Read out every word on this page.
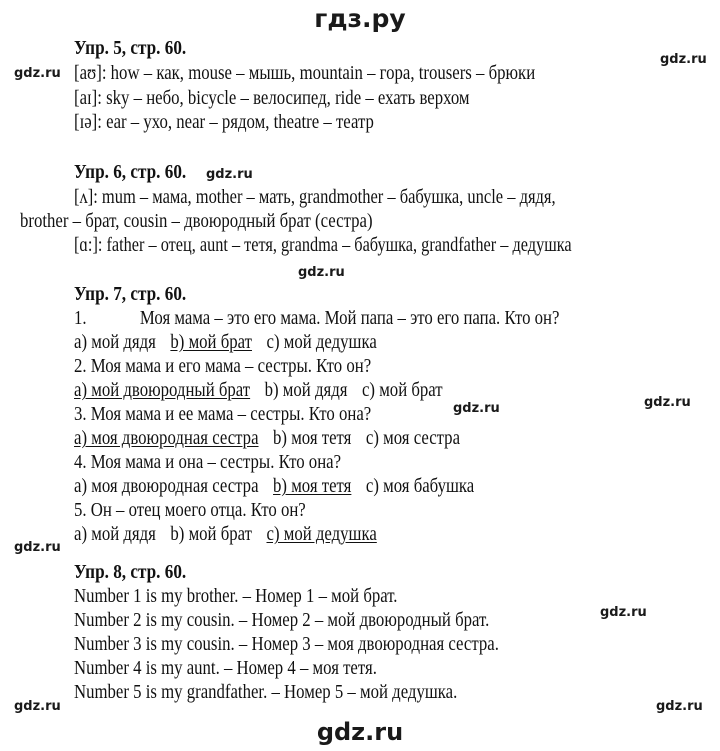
гдз.ру
Упр. 5, стр. 60.
[aʊ]: how – как, mouse – мышь, mountain – гора, trousers – брюки
[aɪ]: sky – небо, bicycle – велосипед, ride – ехать верхом
[ɪə]: ear – ухо, near – рядом, theatre – театр
Упр. 6, стр. 60.
[ʌ]: mum – мама, mother – мать, grandmother – бабушка, uncle – дядя,
brother – брат, cousin – двоюродный брат (сестра)
[ɑ:]: father – отец, aunt – тетя, grandma – бабушка, grandfather – дедушка
Упр. 7, стр. 60.
1.	Моя мама – это его мама. Мой папа – это его папа. Кто он?
а) мой дядя b) мой брат с) мой дедушка
2. Моя мама и его мама – сестры. Кто он?
а) мой двоюродный брат b) мой дядя с) мой брат
3. Моя мама и ее мама – сестры. Кто она?
а) моя двоюродная сестра b) моя тетя с) моя сестра
4. Моя мама и она – сестры. Кто она?
а) моя двоюродная сестра b) моя тетя с) моя бабушка
5. Он – отец моего отца. Кто он?
а) мой дядя b) мой брат с) мой дедушка
Упр. 8, стр. 60.
Number 1 is my brother. – Номер 1 – мой брат.
Number 2 is my cousin. – Номер 2 – мой двоюродный брат.
Number 3 is my cousin. – Номер 3 – моя двоюродная сестра.
Number 4 is my aunt. – Номер 4 – моя тетя.
Number 5 is my grandfather. – Номер 5 – мой дедушка.
gdz.ru
gdz.ru
gdz.ru
gdz.ru
gdz.ru	gdz.ru
gdz.ru
gdz.ru
gdz.ru	gdz.ru
gdz.ru
